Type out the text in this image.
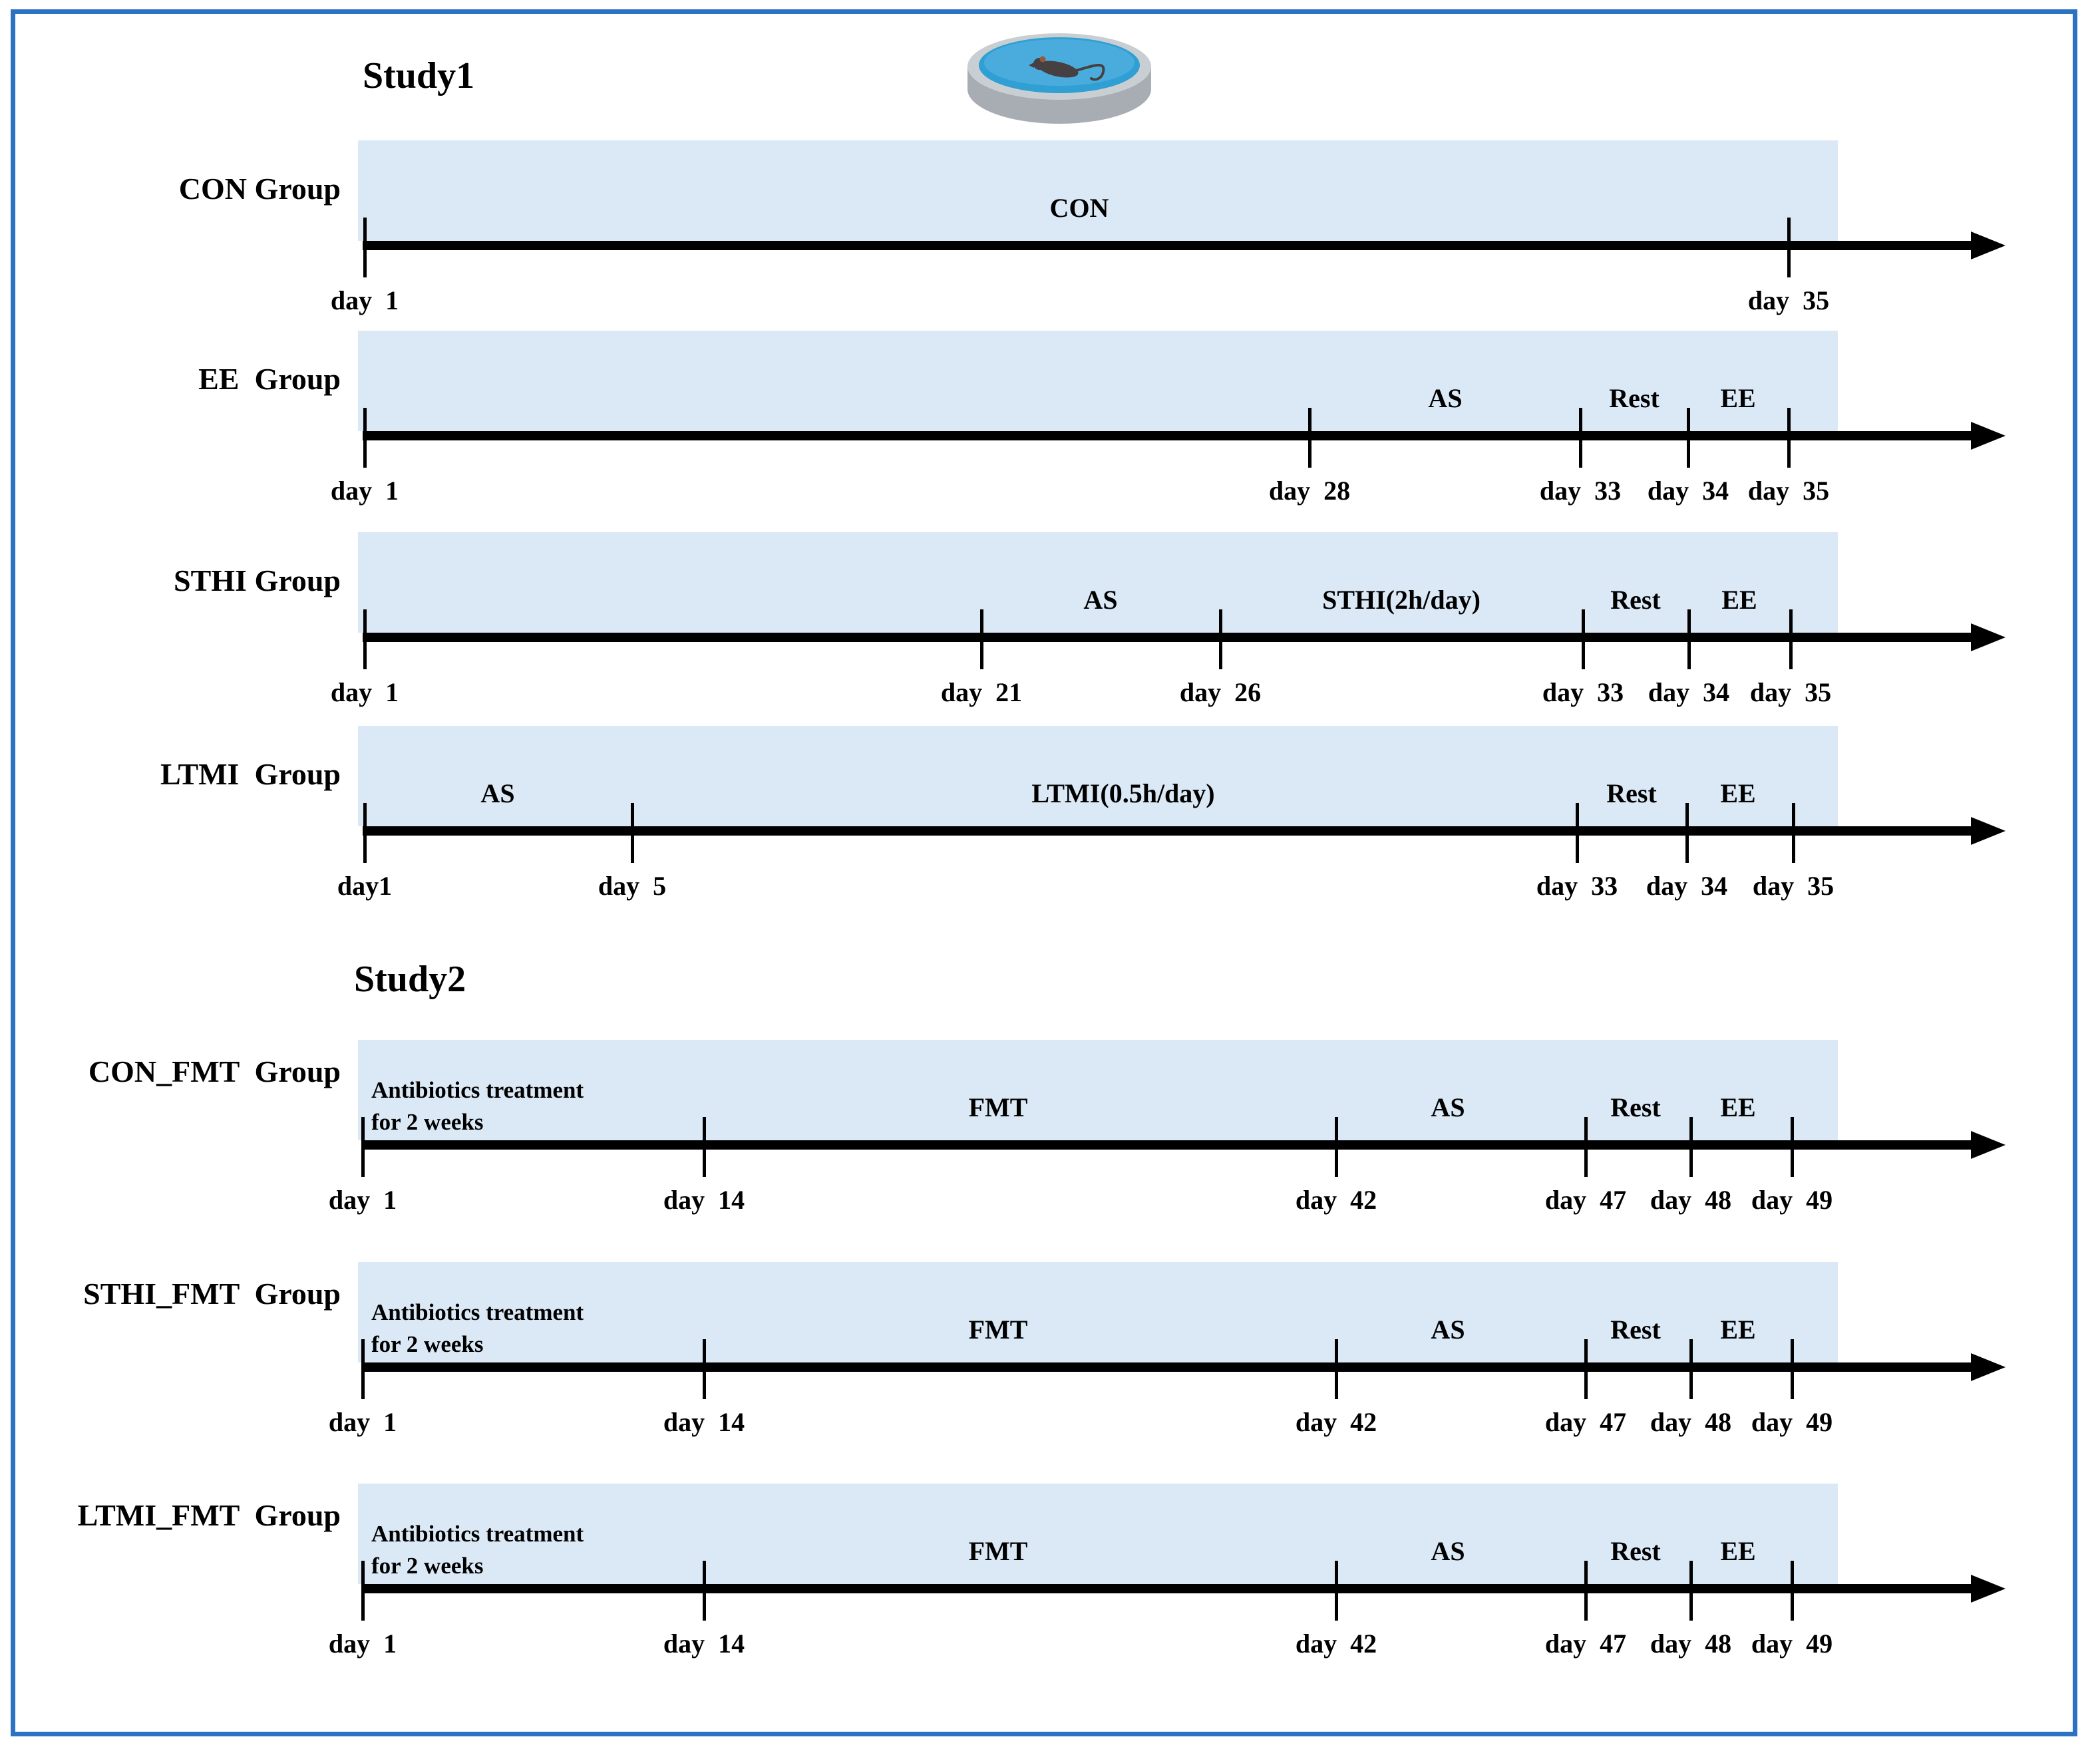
Study1
Study2
CON Group
CON
day  1	day  35
EE  Group
AS	Rest EE
day  1	day  28	day  33 day  34 day  35
STHI Group
AS	STHI(2h/day)	Rest EE
day  1	day  21	day  26	day  33 day  34 day  35
LTMI  Group
AS	LTMI(0.5h/day)	Rest EE
day1	day  5	day  33 day  34 day  35
CON_FMT  Group
Antibiotics treatment
for 2 weeks	FMT	AS	Rest EE
day  1	day  14	day  42	day  47 day  48 day  49
STHI_FMT  Group
Antibiotics treatment
for 2 weeks	FMT	AS	Rest EE
day  1	day  14	day  42	day  47 day  48 day  49
LTMI_FMT  Group
Antibiotics treatment
for 2 weeks	FMT	AS	Rest EE
day  1	day  14	day  42	day  47 day  48 day  49
